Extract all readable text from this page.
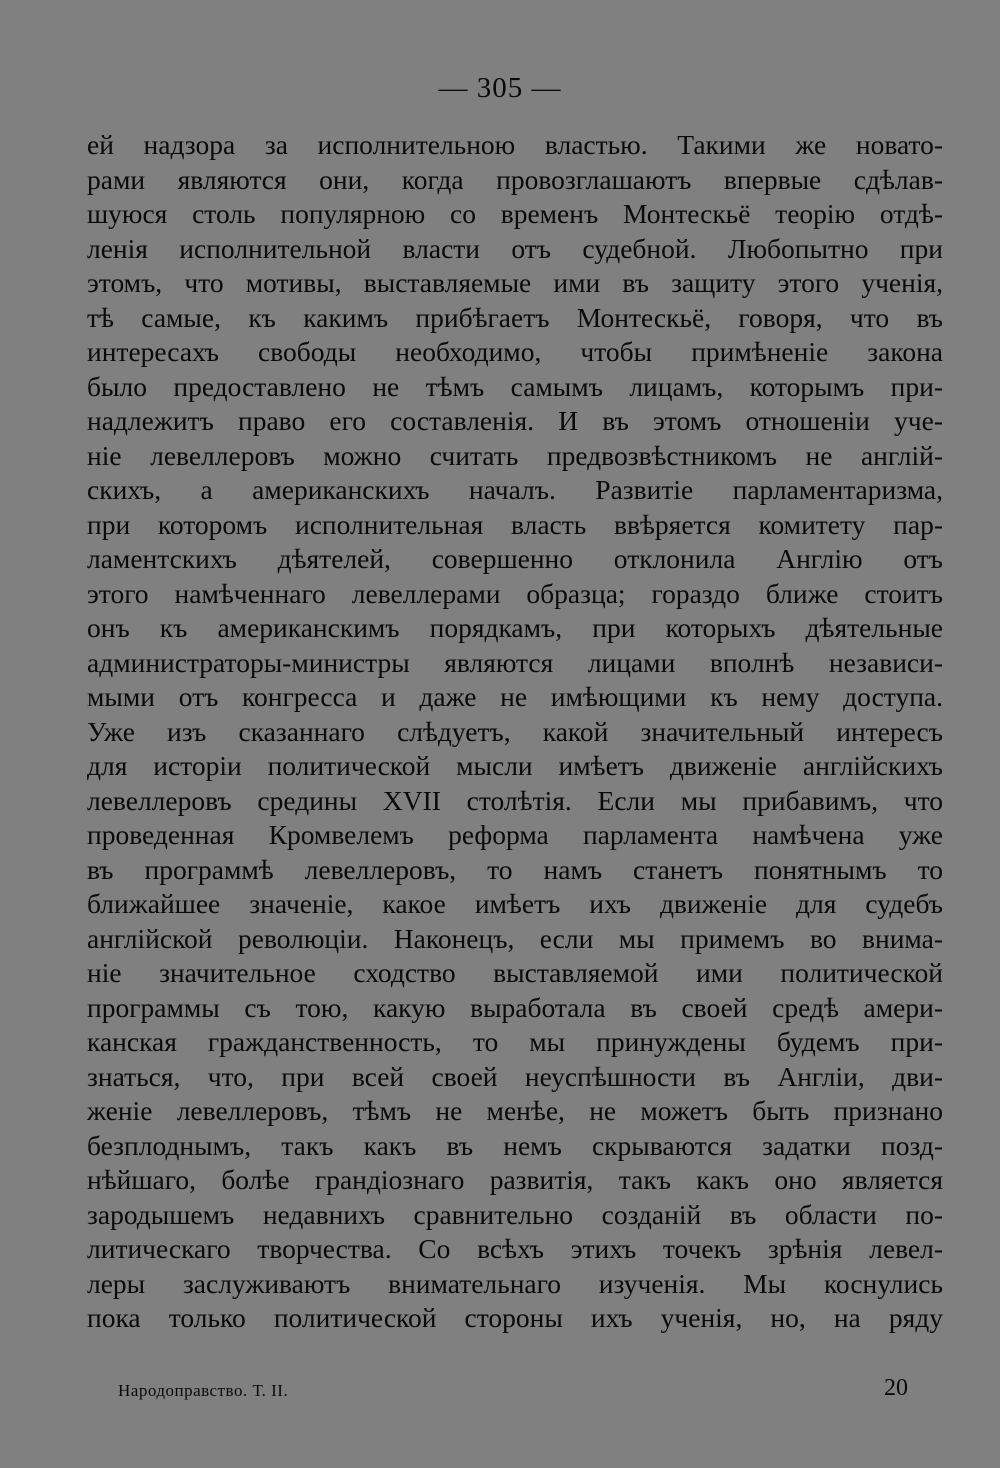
— 305 —
ей надзора за исполнительною властью. Такими же новато-
рами являются они, когда провозглашаютъ впервые сдѣлав-
шуюся столь популярною со временъ Монтескьё теорію отдѣ-
ленія исполнительной власти отъ судебной. Любопытно при
этомъ, что мотивы, выставляемые ими въ защиту этого ученія,
тѣ самые, къ какимъ прибѣгаетъ Монтескьё, говоря, что въ
интересахъ свободы необходимо, чтобы примѣненіе закона
было предоставлено не тѣмъ самымъ лицамъ, которымъ при-
надлежитъ право его составленія. И въ этомъ отношеніи уче-
ніе левеллеровъ можно считать предвозвѣстникомъ не англій-
скихъ, а американскихъ началъ. Развитіе парламентаризма,
при которомъ исполнительная власть ввѣряется комитету пар-
ламентскихъ дѣятелей, совершенно отклонила Англію отъ
этого намѣченнаго левеллерами образца; гораздо ближе стоитъ
онъ къ американскимъ порядкамъ, при которыхъ дѣятельные
администраторы-министры являются лицами вполнѣ независи-
мыми отъ конгресса и даже не имѣющими къ нему доступа.
Уже изъ сказаннаго слѣдуетъ, какой значительный интересъ
для исторіи политической мысли имѣетъ движеніе англійскихъ
левеллеровъ средины XVII столѣтія. Если мы прибавимъ, что
проведенная Кромвелемъ реформа парламента намѣчена уже
въ программѣ левеллеровъ, то намъ станетъ понятнымъ то
ближайшее значеніе, какое имѣетъ ихъ движеніе для судебъ
англійской революціи. Наконецъ, если мы примемъ во внима-
ніе значительное сходство выставляемой ими политической
программы съ тою, какую выработала въ своей средѣ амери-
канская гражданственность, то мы принуждены будемъ при-
знаться, что, при всей своей неуспѣшности въ Англіи, дви-
женіе левеллеровъ, тѣмъ не менѣе, не можетъ быть признано
безплоднымъ, такъ какъ въ немъ скрываются задатки позд-
нѣйшаго, болѣе грандіознаго развитія, такъ какъ оно является
зародышемъ недавнихъ сравнительно созданій въ области по-
литическаго творчества. Со всѣхъ этихъ точекъ зрѣнія левел-
леры заслуживаютъ внимательнаго изученія. Мы коснулись
пока только политической стороны ихъ ученія, но, на ряду
Народоправство. Т. II.	20
